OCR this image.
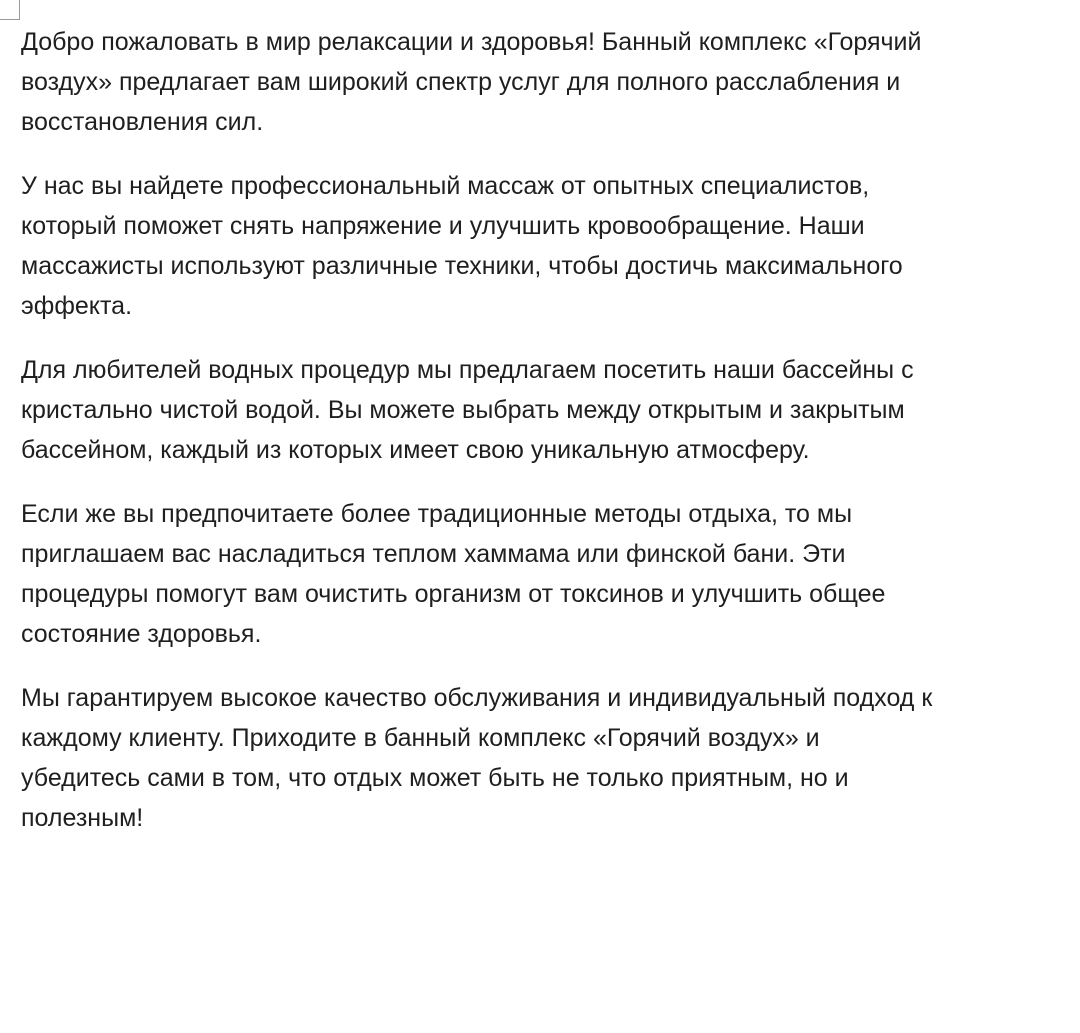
Добро пожаловать в мир релаксации и здоровья! Банный комплекс «Горячий
воздух» предлагает вам широкий спектр услуг для полного расслабления и
восстановления сил.

У нас вы найдете профессиональный массаж от опытных специалистов,
который поможет снять напряжение и улучшить кровообращение. Наши
массажисты используют различные техники, чтобы достичь максимального
эффекта.

Для любителей водных процедур мы предлагаем посетить наши бассейны с
кристально чистой водой. Вы можете выбрать между открытым и закрытым
бассейном, каждый из которых имеет свою уникальную атмосферу.

Если же вы предпочитаете более традиционные методы отдыха, то мы
приглашаем вас насладиться теплом хаммама или финской бани. Эти
процедуры помогут вам очистить организм от токсинов и улучшить общее
состояние здоровья.

Мы гарантируем высокое качество обслуживания и индивидуальный подход к
каждому клиенту. Приходите в банный комплекс «Горячий воздух» и
убедитесь сами в том, что отдых может быть не только приятным, но и
полезным!
